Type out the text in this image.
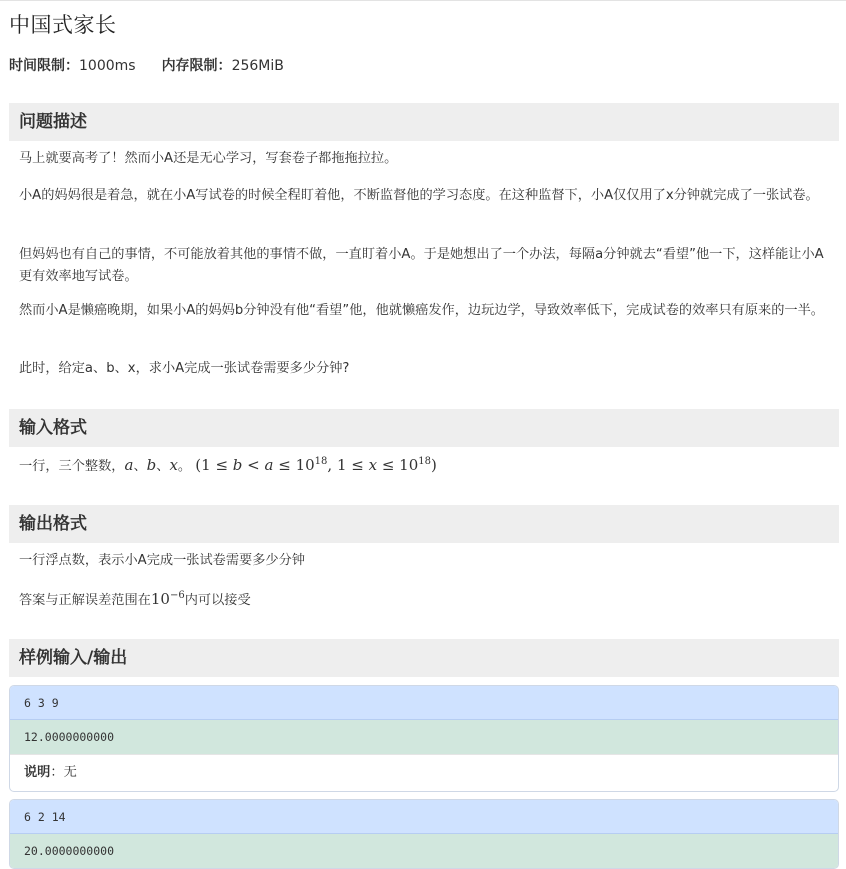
中国式家长
时间限制：1000ms 内存限制：256MiB
问题描述
马上就要高考了！然而小A还是无心学习，写套卷子都拖拖拉拉。
小A的妈妈很是着急，就在小A写试卷的时候全程盯着他，不断监督他的学习态度。在这种监督下，小A仅仅用了x分钟就完成了一张试卷。
但妈妈也有自己的事情，不可能放着其他的事情不做，一直盯着小A。于是她想出了一个办法，每隔a分钟就去“看望”他一下，这样能让小A更有效率地写试卷。
然而小A是懒癌晚期，如果小A的妈妈b分钟没有他“看望”他，他就懒癌发作，边玩边学，导致效率低下，完成试卷的效率只有原来的一半。
此时，给定a、b、x，求小A完成一张试卷需要多少分钟?
输入格式
一行，三个整数，a、b、x。 ($1 \le b < a \le 10^{18}$, $1 \le x \le 10^{18}$)
输出格式
一行浮点数，表示小A完成一张试卷需要多少分钟
答案与正解误差范围在$10^{-6}$内可以接受
样例输入/输出
6 3 9
12.0000000000
说明：无
6 2 14
20.0000000000
